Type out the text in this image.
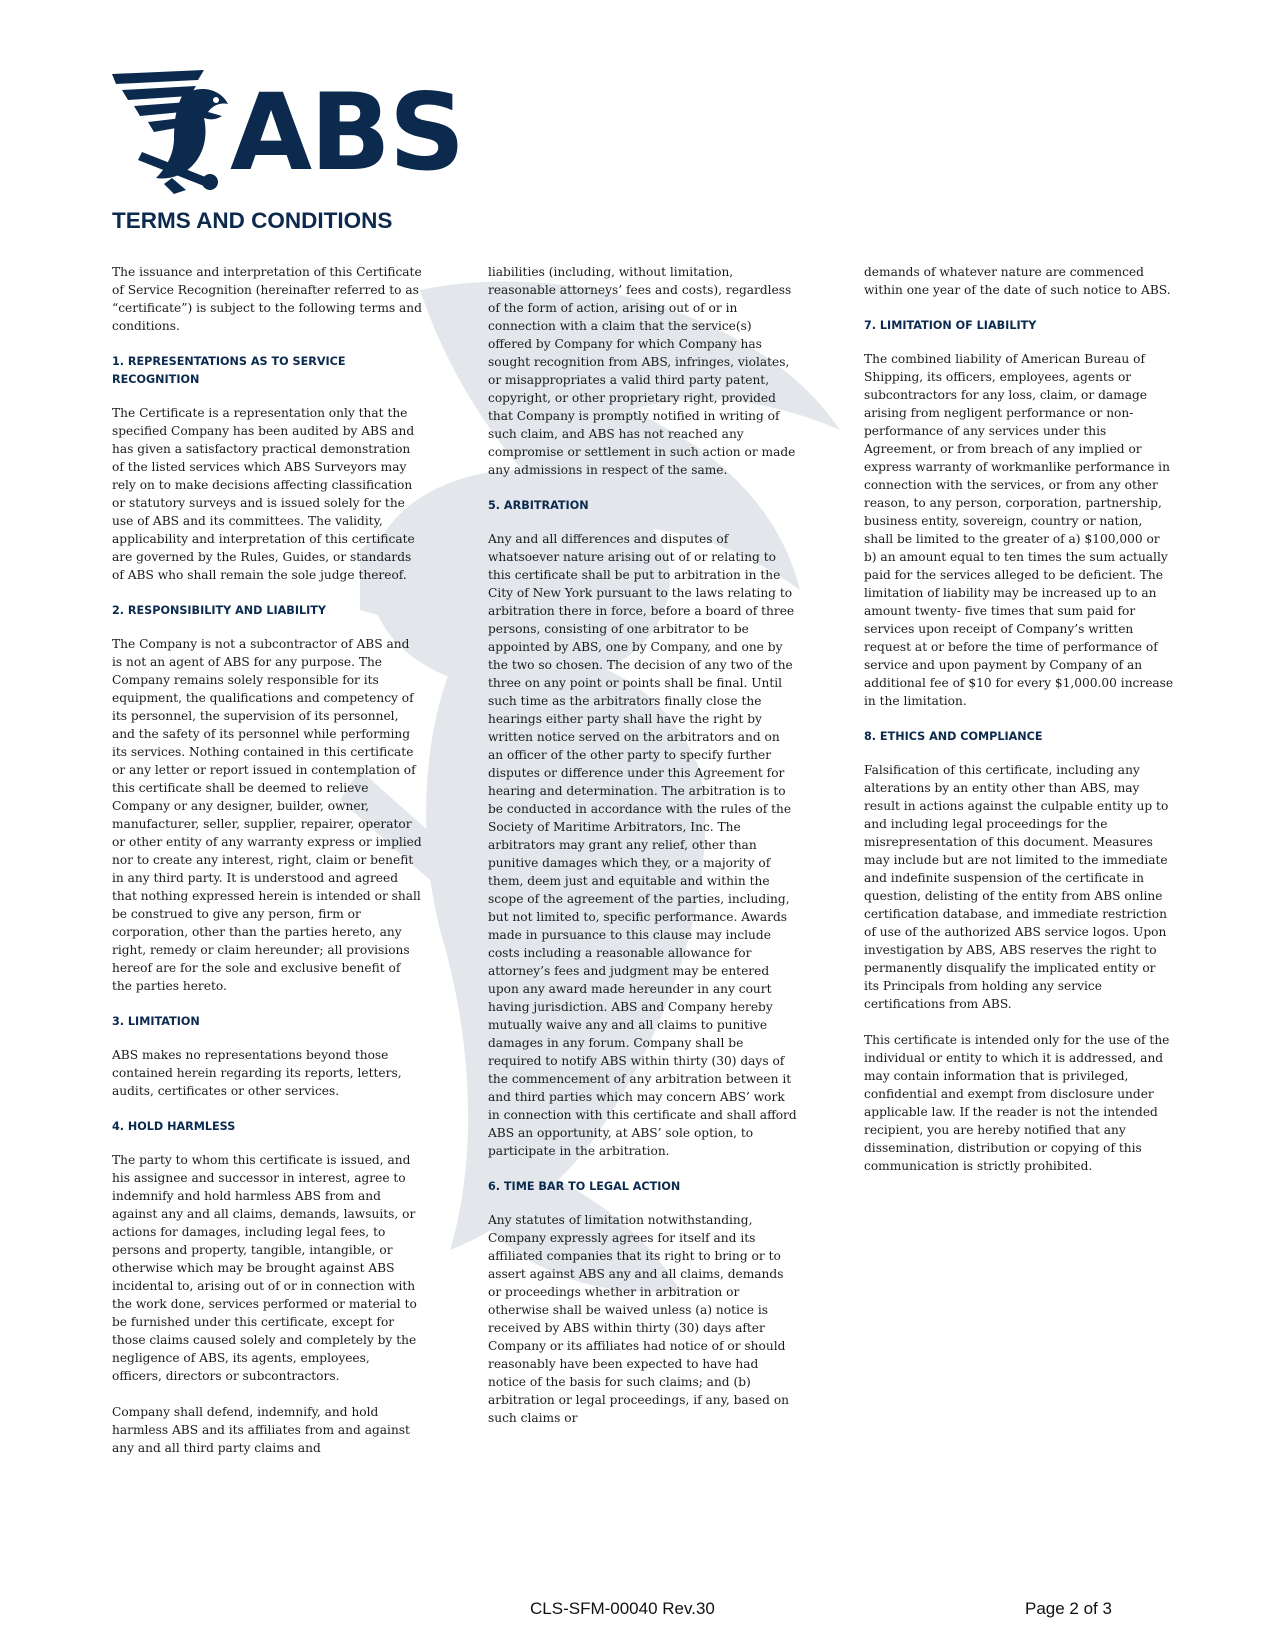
ABS
TERMS AND CONDITIONS

The issuance and interpretation of this Certificate of Service Recognition (hereinafter referred to as “certificate”) is subject to the following terms and conditions.

1. REPRESENTATIONS AS TO SERVICE RECOGNITION

The Certificate is a representation only that the specified Company has been audited by ABS and has given a satisfactory practical demonstration of the listed services which ABS Surveyors may rely on to make decisions affecting classification or statutory surveys and is issued solely for the use of ABS and its committees. The validity, applicability and interpretation of this certificate are governed by the Rules, Guides, or standards of ABS who shall remain the sole judge thereof.

2. RESPONSIBILITY AND LIABILITY

The Company is not a subcontractor of ABS and is not an agent of ABS for any purpose. The Company remains solely responsible for its equipment, the qualifications and competency of its personnel, the supervision of its personnel, and the safety of its personnel while performing its services. Nothing contained in this certificate or any letter or report issued in contemplation of this certificate shall be deemed to relieve Company or any designer, builder, owner, manufacturer, seller, supplier, repairer, operator or other entity of any warranty express or implied nor to create any interest, right, claim or benefit in any third party. It is understood and agreed that nothing expressed herein is intended or shall be construed to give any person, firm or corporation, other than the parties hereto, any right, remedy or claim hereunder; all provisions hereof are for the sole and exclusive benefit of the parties hereto.

3. LIMITATION

ABS makes no representations beyond those contained herein regarding its reports, letters, audits, certificates or other services.

4. HOLD HARMLESS

The party to whom this certificate is issued, and his assignee and successor in interest, agree to indemnify and hold harmless ABS from and against any and all claims, demands, lawsuits, or actions for damages, including legal fees, to persons and property, tangible, intangible, or otherwise which may be brought against ABS incidental to, arising out of or in connection with the work done, services performed or material to be furnished under this certificate, except for those claims caused solely and completely by the negligence of ABS, its agents, employees, officers, directors or subcontractors.

Company shall defend, indemnify, and hold harmless ABS and its affiliates from and against any and all third party claims and

liabilities (including, without limitation, reasonable attorneys’ fees and costs), regardless of the form of action, arising out of or in connection with a claim that the service(s) offered by Company for which Company has sought recognition from ABS, infringes, violates, or misappropriates a valid third party patent, copyright, or other proprietary right, provided that Company is promptly notified in writing of such claim, and ABS has not reached any compromise or settlement in such action or made any admissions in respect of the same.

5. ARBITRATION

Any and all differences and disputes of whatsoever nature arising out of or relating to this certificate shall be put to arbitration in the City of New York pursuant to the laws relating to arbitration there in force, before a board of three persons, consisting of one arbitrator to be appointed by ABS, one by Company, and one by the two so chosen. The decision of any two of the three on any point or points shall be final. Until such time as the arbitrators finally close the hearings either party shall have the right by written notice served on the arbitrators and on an officer of the other party to specify further disputes or difference under this Agreement for hearing and determination. The arbitration is to be conducted in accordance with the rules of the Society of Maritime Arbitrators, Inc. The arbitrators may grant any relief, other than punitive damages which they, or a majority of them, deem just and equitable and within the scope of the agreement of the parties, including, but not limited to, specific performance. Awards made in pursuance to this clause may include costs including a reasonable allowance for attorney’s fees and judgment may be entered upon any award made hereunder in any court having jurisdiction. ABS and Company hereby mutually waive any and all claims to punitive damages in any forum. Company shall be required to notify ABS within thirty (30) days of the commencement of any arbitration between it and third parties which may concern ABS’ work in connection with this certificate and shall afford ABS an opportunity, at ABS’ sole option, to participate in the arbitration.

6. TIME BAR TO LEGAL ACTION

Any statutes of limitation notwithstanding, Company expressly agrees for itself and its affiliated companies that its right to bring or to assert against ABS any and all claims, demands or proceedings whether in arbitration or otherwise shall be waived unless (a) notice is received by ABS within thirty (30) days after Company or its affiliates had notice of or should reasonably have been expected to have had notice of the basis for such claims; and (b) arbitration or legal proceedings, if any, based on such claims or

demands of whatever nature are commenced within one year of the date of such notice to ABS.

7. LIMITATION OF LIABILITY

The combined liability of American Bureau of Shipping, its officers, employees, agents or subcontractors for any loss, claim, or damage arising from negligent performance or non-performance of any services under this Agreement, or from breach of any implied or express warranty of workmanlike performance in connection with the services, or from any other reason, to any person, corporation, partnership, business entity, sovereign, country or nation, shall be limited to the greater of a) $100,000 or b) an amount equal to ten times the sum actually paid for the services alleged to be deficient. The limitation of liability may be increased up to an amount twenty- five times that sum paid for services upon receipt of Company’s written request at or before the time of performance of service and upon payment by Company of an additional fee of $10 for every $1,000.00 increase in the limitation.

8. ETHICS AND COMPLIANCE

Falsification of this certificate, including any alterations by an entity other than ABS, may result in actions against the culpable entity up to and including legal proceedings for the misrepresentation of this document. Measures may include but are not limited to the immediate and indefinite suspension of the certificate in question, delisting of the entity from ABS online certification database, and immediate restriction of use of the authorized ABS service logos. Upon investigation by ABS, ABS reserves the right to permanently disqualify the implicated entity or its Principals from holding any service certifications from ABS.

This certificate is intended only for the use of the individual or entity to which it is addressed, and may contain information that is privileged, confidential and exempt from disclosure under applicable law. If the reader is not the intended recipient, you are hereby notified that any dissemination, distribution or copying of this communication is strictly prohibited.

CLS-SFM-00040 Rev.30	Page 2 of 3
